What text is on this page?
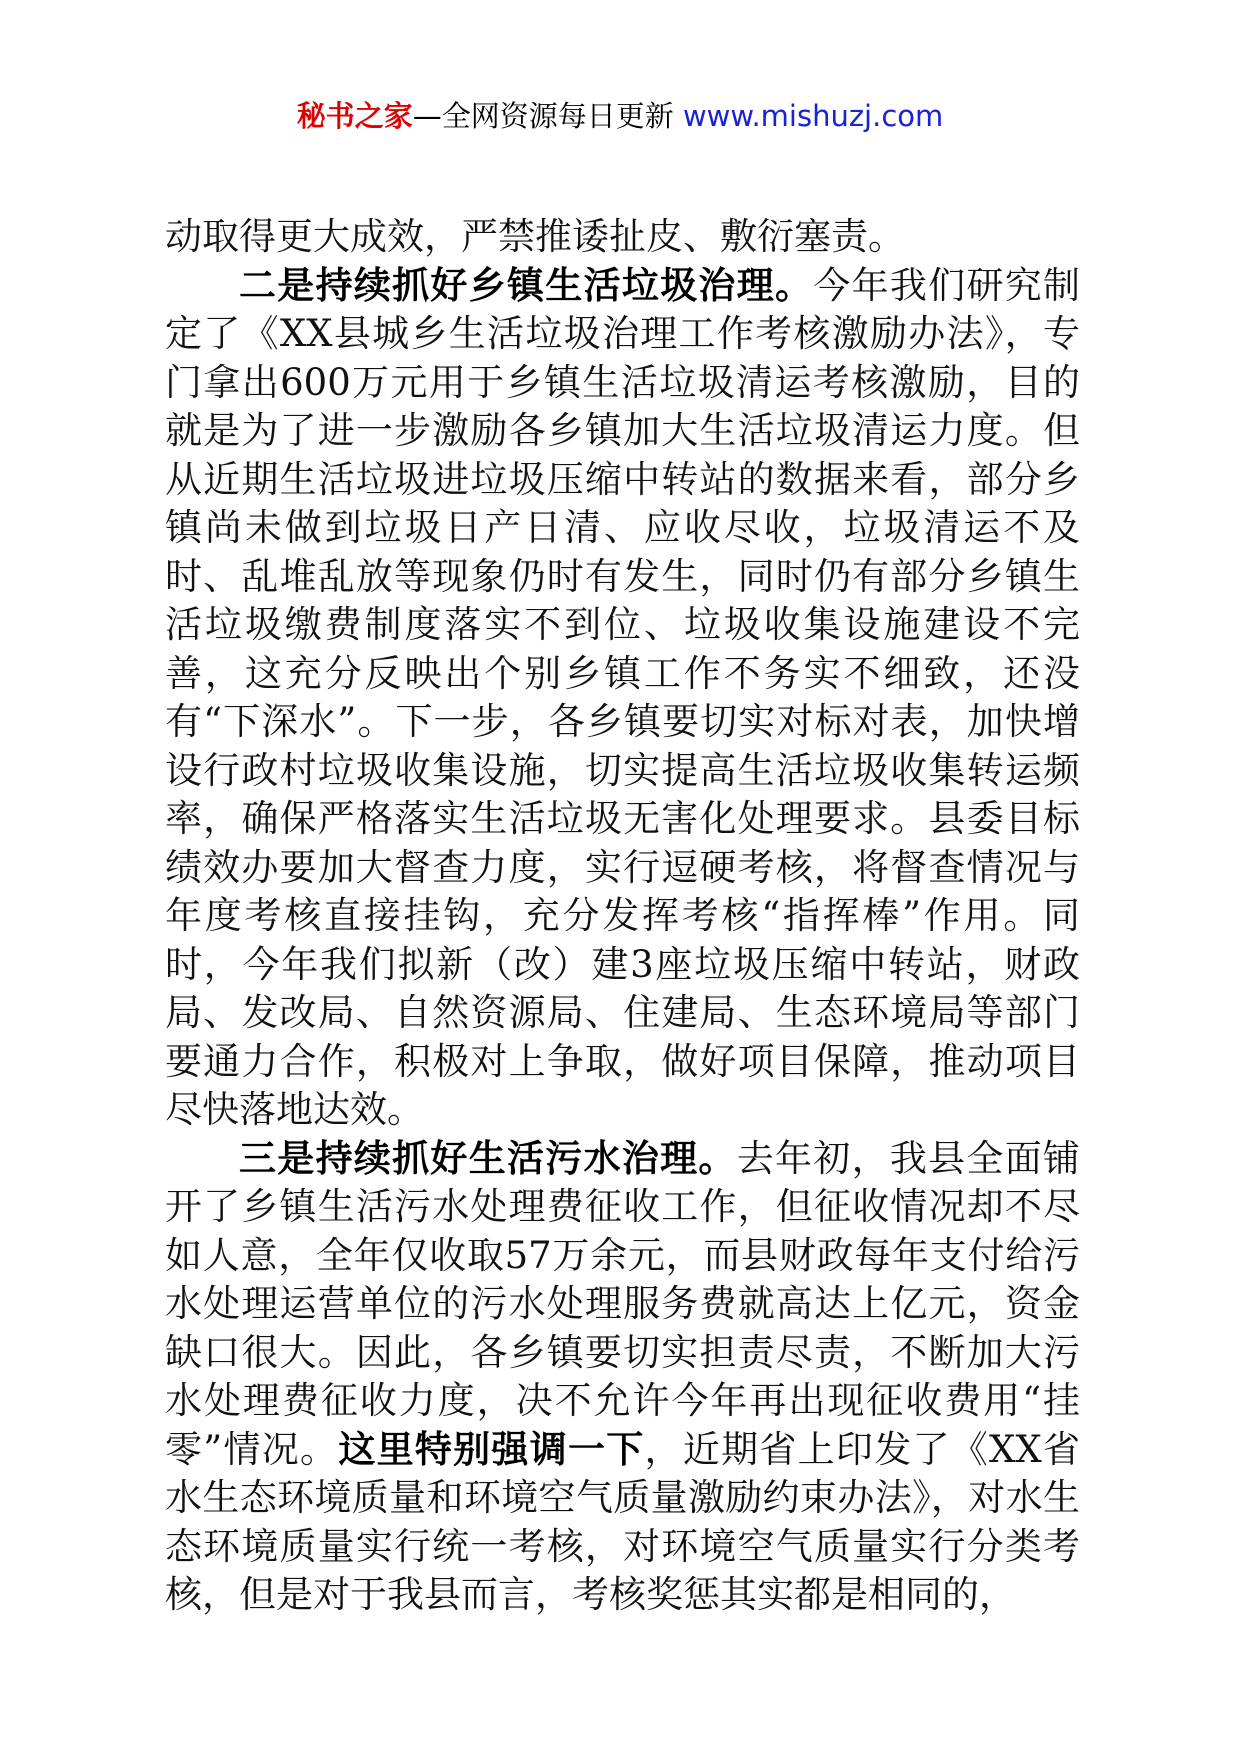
秘书之家—全网资源每日更新 www.mishuzj.com

动取得更大成效，严禁推诿扯皮、敷衍塞责。

二是持续抓好乡镇生活垃圾治理。今年我们研究制定了《XX县城乡生活垃圾治理工作考核激励办法》，专门拿出600万元用于乡镇生活垃圾清运考核激励，目的就是为了进一步激励各乡镇加大生活垃圾清运力度。但从近期生活垃圾进垃圾压缩中转站的数据来看，部分乡镇尚未做到垃圾日产日清、应收尽收，垃圾清运不及时、乱堆乱放等现象仍时有发生，同时仍有部分乡镇生活垃圾缴费制度落实不到位、垃圾收集设施建设不完善，这充分反映出个别乡镇工作不务实不细致，还没有“下深水”。下一步，各乡镇要切实对标对表，加快增设行政村垃圾收集设施，切实提高生活垃圾收集转运频率，确保严格落实生活垃圾无害化处理要求。县委目标绩效办要加大督查力度，实行逗硬考核，将督查情况与年度考核直接挂钩，充分发挥考核“指挥棒”作用。同时，今年我们拟新（改）建3座垃圾压缩中转站，财政局、发改局、自然资源局、住建局、生态环境局等部门要通力合作，积极对上争取，做好项目保障，推动项目尽快落地达效。

三是持续抓好生活污水治理。去年初，我县全面铺开了乡镇生活污水处理费征收工作，但征收情况却不尽如人意，全年仅收取57万余元，而县财政每年支付给污水处理运营单位的污水处理服务费就高达上亿元，资金缺口很大。因此，各乡镇要切实担责尽责，不断加大污水处理费征收力度，决不允许今年再出现征收费用“挂零”情况。这里特别强调一下，近期省上印发了《XX省水生态环境质量和环境空气质量激励约束办法》，对水生态环境质量实行统一考核，对环境空气质量实行分类考核，但是对于我县而言，考核奖惩其实都是相同的，
